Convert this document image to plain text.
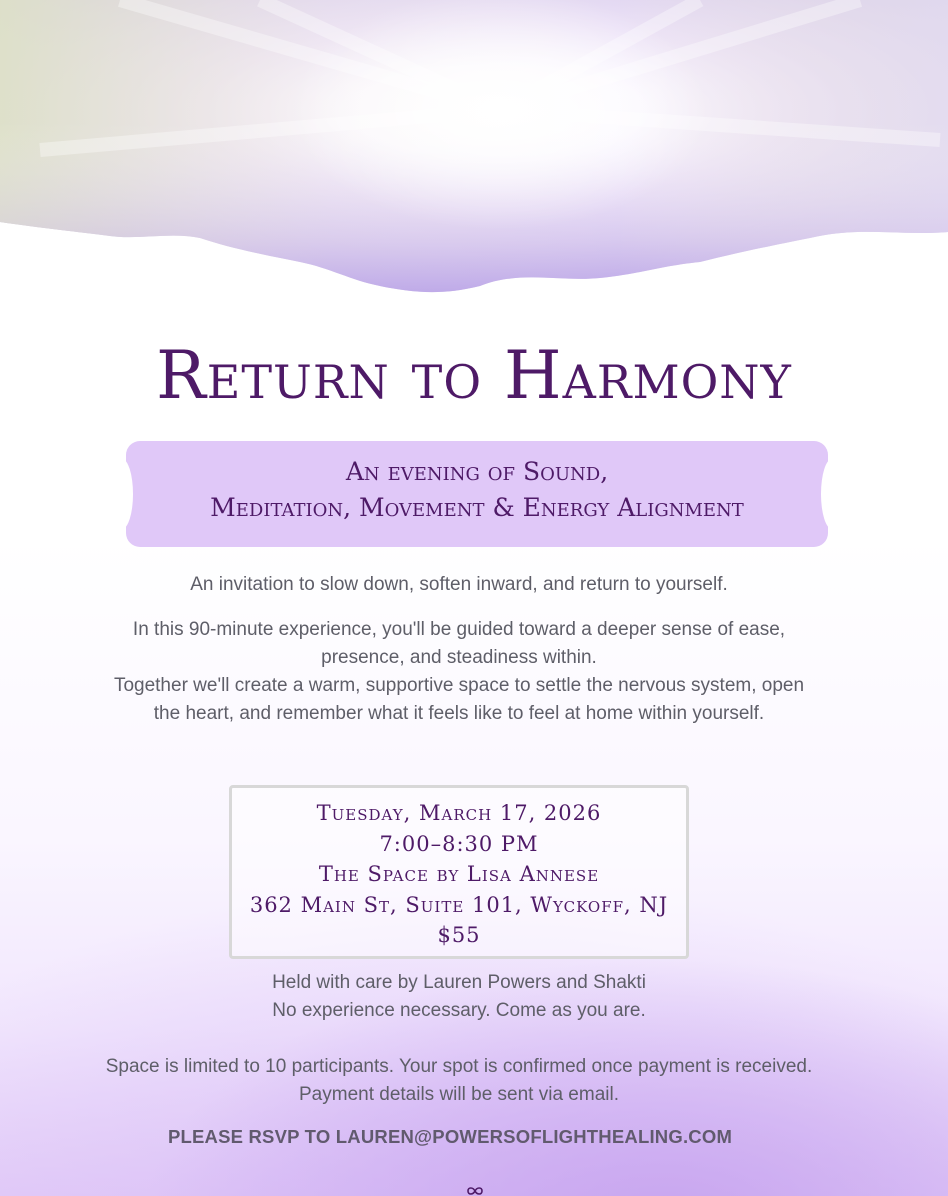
Return to Harmony
An evening of Sound,
Meditation, Movement & Energy Alignment
An invitation to slow down, soften inward, and return to yourself.

In this 90-minute experience, you'll be guided toward a deeper sense of ease, presence, and steadiness within.

Together we'll create a warm, supportive space to settle the nervous system, open the heart, and remember what it feels like to feel at home within yourself.

Tuesday, March 17, 2026
7:00–8:30 PM
The Space by Lisa Annese
362 Main St, Suite 101, Wyckoff, NJ
$55
Held with care by Lauren Powers and Shakti
No experience necessary. Come as you are.
Space is limited to 10 participants. Your spot is confirmed once payment is received. Payment details will be sent via email.
PLEASE RSVP TO LAUREN@POWERSOFLIGHTHEALING.COM
